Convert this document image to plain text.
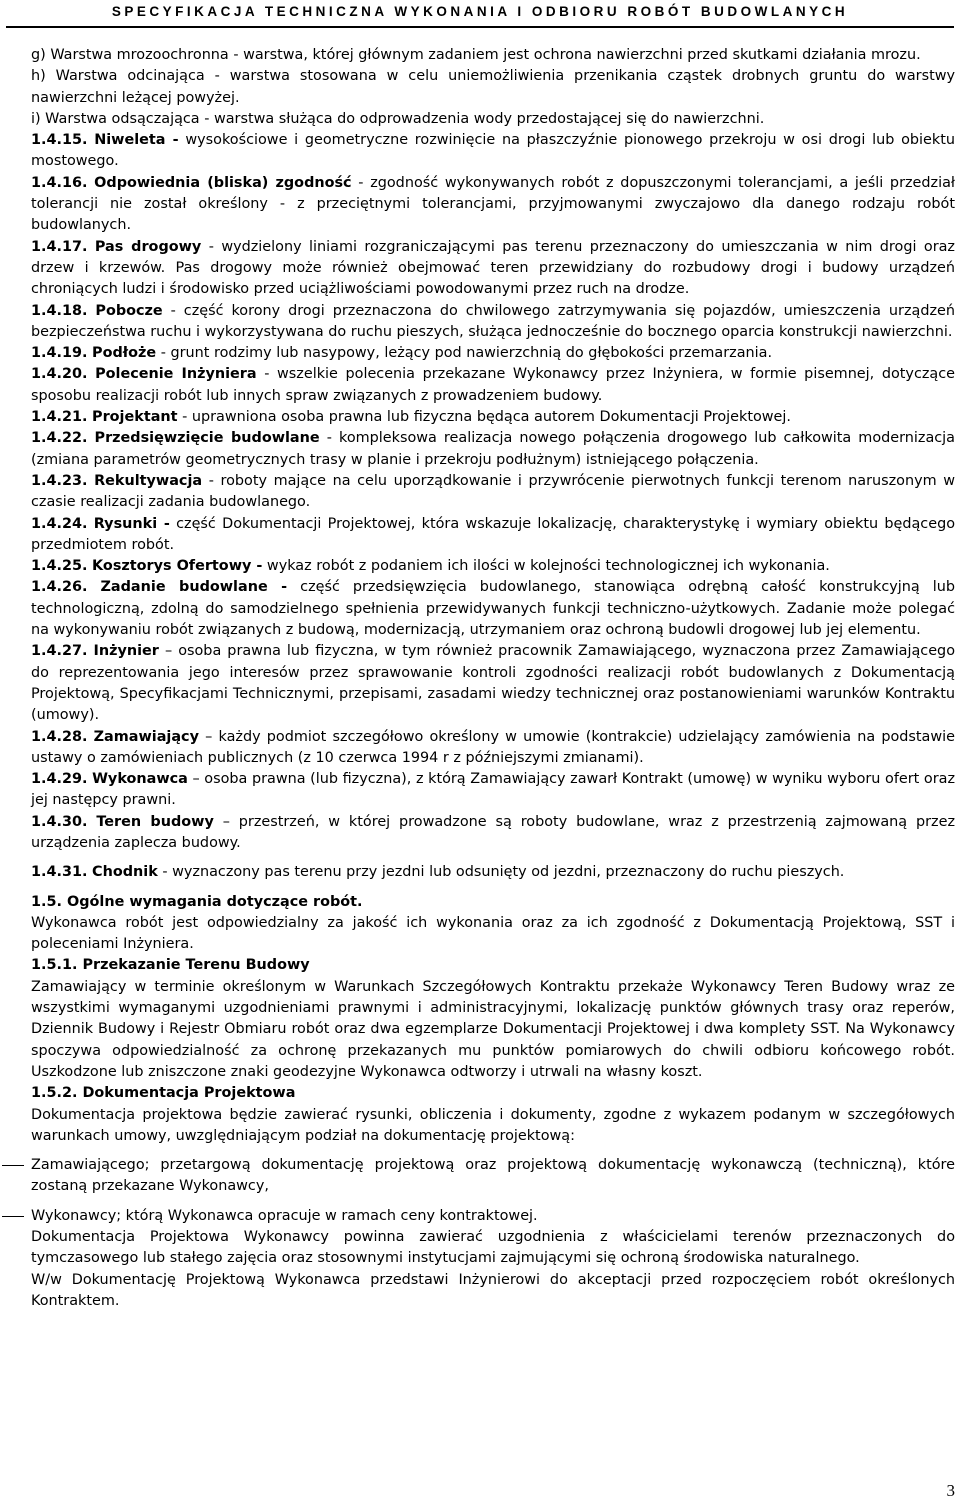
SPECYFIKACJA TECHNICZNA WYKONANIA I ODBIORU ROBÓT BUDOWLANYCH

g) Warstwa mrozoochronna - warstwa, której głównym zadaniem jest ochrona nawierzchni przed skutkami działania mrozu.

h) Warstwa odcinająca - warstwa stosowana w celu uniemożliwienia przenikania cząstek drobnych gruntu do warstwy nawierzchni leżącej powyżej.

i) Warstwa odsączająca - warstwa służąca do odprowadzenia wody przedostającej się do nawierzchni.

1.4.15. Niweleta - wysokościowe i geometryczne rozwinięcie na płaszczyźnie pionowego przekroju w osi drogi lub obiektu mostowego.

1.4.16. Odpowiednia (bliska) zgodność - zgodność wykonywanych robót z dopuszczonymi tolerancjami, a jeśli przedział tolerancji nie został określony - z przeciętnymi tolerancjami, przyjmowanymi zwyczajowo dla danego rodzaju robót budowlanych.

1.4.17. Pas drogowy - wydzielony liniami rozgraniczającymi pas terenu przeznaczony do umieszczania w nim drogi oraz drzew i krzewów. Pas drogowy może również obejmować teren przewidziany do rozbudowy drogi i budowy urządzeń chroniących ludzi i środowisko przed uciążliwościami powodowanymi przez ruch na drodze.

1.4.18. Pobocze - część korony drogi przeznaczona do chwilowego zatrzymywania się pojazdów, umieszczenia urządzeń bezpieczeństwa ruchu i wykorzystywana do ruchu pieszych, służąca jednocześnie do bocznego oparcia konstrukcji nawierzchni.

1.4.19. Podłoże - grunt rodzimy lub nasypowy, leżący pod nawierzchnią do głębokości przemarzania.

1.4.20. Polecenie Inżyniera - wszelkie polecenia przekazane Wykonawcy przez Inżyniera, w formie pisemnej, dotyczące sposobu realizacji robót lub innych spraw związanych z prowadzeniem budowy.

1.4.21. Projektant - uprawniona osoba prawna lub fizyczna będąca autorem Dokumentacji Projektowej.

1.4.22. Przedsięwzięcie budowlane - kompleksowa realizacja nowego połączenia drogowego lub całkowita modernizacja (zmiana parametrów geometrycznych trasy w planie i przekroju podłużnym) istniejącego połączenia.

1.4.23. Rekultywacja - roboty mające na celu uporządkowanie i przywrócenie pierwotnych funkcji terenom naruszonym w czasie realizacji zadania budowlanego.

1.4.24. Rysunki - część Dokumentacji Projektowej, która wskazuje lokalizację, charakterystykę i wymiary obiektu będącego przedmiotem robót.

1.4.25. Kosztorys Ofertowy - wykaz robót z podaniem ich ilości w kolejności technologicznej ich wykonania.

1.4.26. Zadanie budowlane - część przedsięwzięcia budowlanego, stanowiąca odrębną całość konstrukcyjną lub technologiczną, zdolną do samodzielnego spełnienia przewidywanych funkcji techniczno-użytkowych. Zadanie może polegać na wykonywaniu robót związanych z budową, modernizacją, utrzymaniem oraz ochroną budowli drogowej lub jej elementu.

1.4.27. Inżynier – osoba prawna lub fizyczna, w tym również pracownik Zamawiającego, wyznaczona przez Zamawiającego do reprezentowania jego interesów przez sprawowanie kontroli zgodności realizacji robót budowlanych z Dokumentacją Projektową, Specyfikacjami Technicznymi, przepisami, zasadami wiedzy technicznej oraz postanowieniami warunków Kontraktu (umowy).

1.4.28. Zamawiający – każdy podmiot szczegółowo określony w umowie (kontrakcie) udzielający zamówienia na podstawie ustawy o zamówieniach publicznych (z 10 czerwca 1994 r z późniejszymi zmianami).

1.4.29. Wykonawca – osoba prawna (lub fizyczna), z którą Zamawiający zawarł Kontrakt (umowę) w wyniku wyboru ofert oraz jej następcy prawni.

1.4.30. Teren budowy – przestrzeń, w której prowadzone są roboty budowlane, wraz z przestrzenią zajmowaną przez urządzenia zaplecza budowy.

1.4.31. Chodnik - wyznaczony pas terenu przy jezdni lub odsunięty od jezdni, przeznaczony do ruchu pieszych.

1.5. Ogólne wymagania dotyczące robót.

Wykonawca robót jest odpowiedzialny za jakość ich wykonania oraz za ich zgodność z Dokumentacją Projektową, SST i poleceniami Inżyniera.

1.5.1. Przekazanie Terenu Budowy

Zamawiający w terminie określonym w Warunkach Szczegółowych Kontraktu przekaże Wykonawcy Teren Budowy wraz ze wszystkimi wymaganymi uzgodnieniami prawnymi i administracyjnymi, lokalizację punktów głównych trasy oraz reperów, Dziennik Budowy i Rejestr Obmiaru robót oraz dwa egzemplarze Dokumentacji Projektowej i dwa komplety SST. Na Wykonawcy spoczywa odpowiedzialność za ochronę przekazanych mu punktów pomiarowych do chwili odbioru końcowego robót. Uszkodzone lub zniszczone znaki geodezyjne Wykonawca odtworzy i utrwali na własny koszt.

1.5.2. Dokumentacja Projektowa

Dokumentacja projektowa będzie zawierać rysunki, obliczenia i dokumenty, zgodne z wykazem podanym w szczegółowych warunkach umowy, uwzględniającym podział na dokumentację projektową:

Zamawiającego; przetargową dokumentację projektową oraz projektową dokumentację wykonawczą (techniczną), które zostaną przekazane Wykonawcy,

Wykonawcy; którą Wykonawca opracuje w ramach ceny kontraktowej.

Dokumentacja Projektowa Wykonawcy powinna zawierać uzgodnienia z właścicielami terenów przeznaczonych do tymczasowego lub stałego zajęcia oraz stosownymi instytucjami zajmującymi się ochroną środowiska naturalnego.

W/w Dokumentację Projektową Wykonawca przedstawi Inżynierowi do akceptacji przed rozpoczęciem robót określonych Kontraktem.

3
